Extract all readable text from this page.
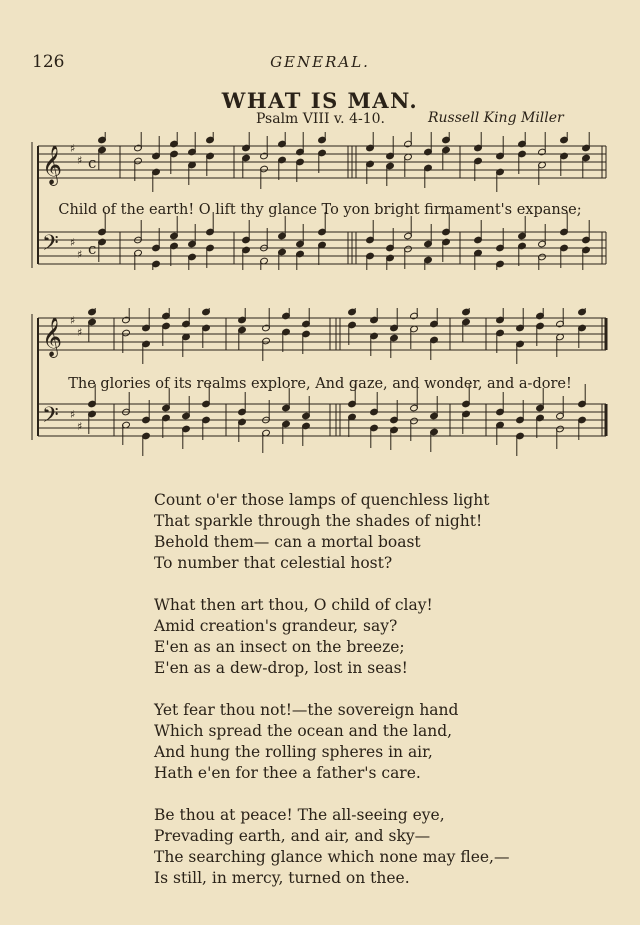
126	GENERAL.
WHAT IS MAN.
Psalm VIII v. 4-10.	Russell King Miller
𝄞 ♯
♯ c
𝄢 ♯
♯ c
Child of the earth! O lift thy glance To yon bright firmament's expanse;
𝄞 ♯
♯
𝄢 ♯
♯
The glories of its realms explore, And gaze, and wonder, and a-dore!
Count o'er those lamps of quenchless light
That sparkle through the shades of night!
Behold them— can a mortal boast
To number that celestial host?
What then art thou, O child of clay!
Amid creation's grandeur, say?
E'en as an insect on the breeze;
E'en as a dew-drop, lost in seas!
Yet fear thou not!—the sovereign hand
Which spread the ocean and the land,
And hung the rolling spheres in air,
Hath e'en for thee a father's care.
Be thou at peace! The all-seeing eye,
Prevading earth, and air, and sky—
The searching glance which none may flee,—
Is still, in mercy, turned on thee.
